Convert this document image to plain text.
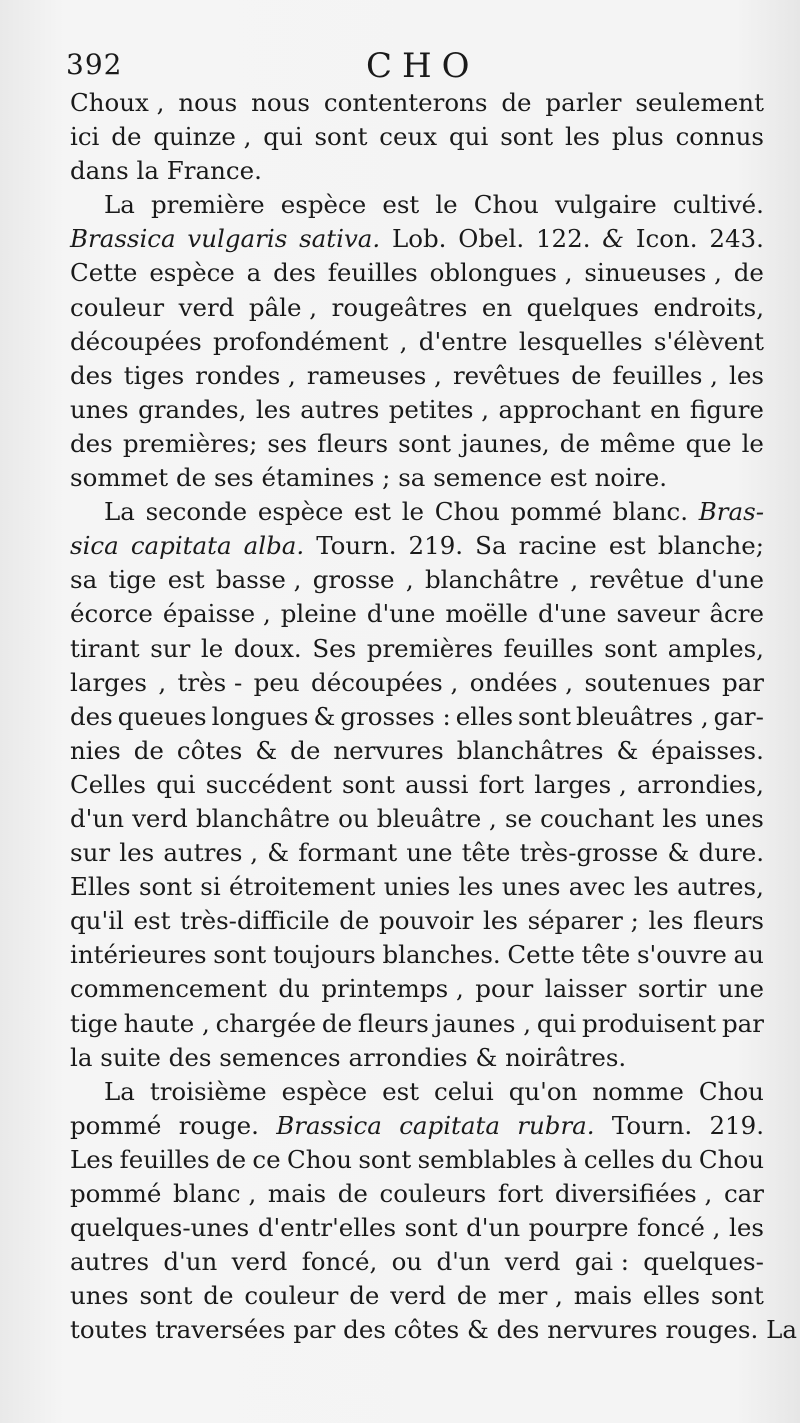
392	CHO
Choux , nous nous contenterons de parler seulement
ici de quinze , qui sont ceux qui sont les plus connus
dans la France.
La première espèce est le Chou vulgaire cultivé.
Brassica vulgaris sativa. Lob. Obel. 122. & Icon. 243.
Cette espèce a des feuilles oblongues , sinueuses , de
couleur verd pâle , rougeâtres en quelques endroits,
découpées profondément , d'entre lesquelles s'élèvent
des tiges rondes , rameuses , revêtues de feuilles , les
unes grandes, les autres petites , approchant en figure
des premières; ses fleurs sont jaunes, de même que le
sommet de ses étamines ; sa semence est noire.
La seconde espèce est le Chou pommé blanc. Bras-
sica capitata alba. Tourn. 219. Sa racine est blanche;
sa tige est basse , grosse , blanchâtre , revêtue d'une
écorce épaisse , pleine d'une moëlle d'une saveur âcre
tirant sur le doux. Ses premières feuilles sont amples,
larges , très - peu découpées , ondées , soutenues par
des queues longues & grosses : elles sont bleuâtres , gar-
nies de côtes & de nervures blanchâtres & épaisses.
Celles qui succédent sont aussi fort larges , arrondies,
d'un verd blanchâtre ou bleuâtre , se couchant les unes
sur les autres , & formant une tête très-grosse & dure.
Elles sont si étroitement unies les unes avec les autres,
qu'il est très-difficile de pouvoir les séparer ; les fleurs
intérieures sont toujours blanches. Cette tête s'ouvre au
commencement du printemps , pour laisser sortir une
tige haute , chargée de fleurs jaunes , qui produisent par
la suite des semences arrondies & noirâtres.
La troisième espèce est celui qu'on nomme Chou
pommé rouge. Brassica capitata rubra. Tourn. 219.
Les feuilles de ce Chou sont semblables à celles du Chou
pommé blanc , mais de couleurs fort diversifiées , car
quelques-unes d'entr'elles sont d'un pourpre foncé , les
autres d'un verd foncé, ou d'un verd gai : quelques-
unes sont de couleur de verd de mer , mais elles sont
toutes traversées par des côtes & des nervures rouges. La
